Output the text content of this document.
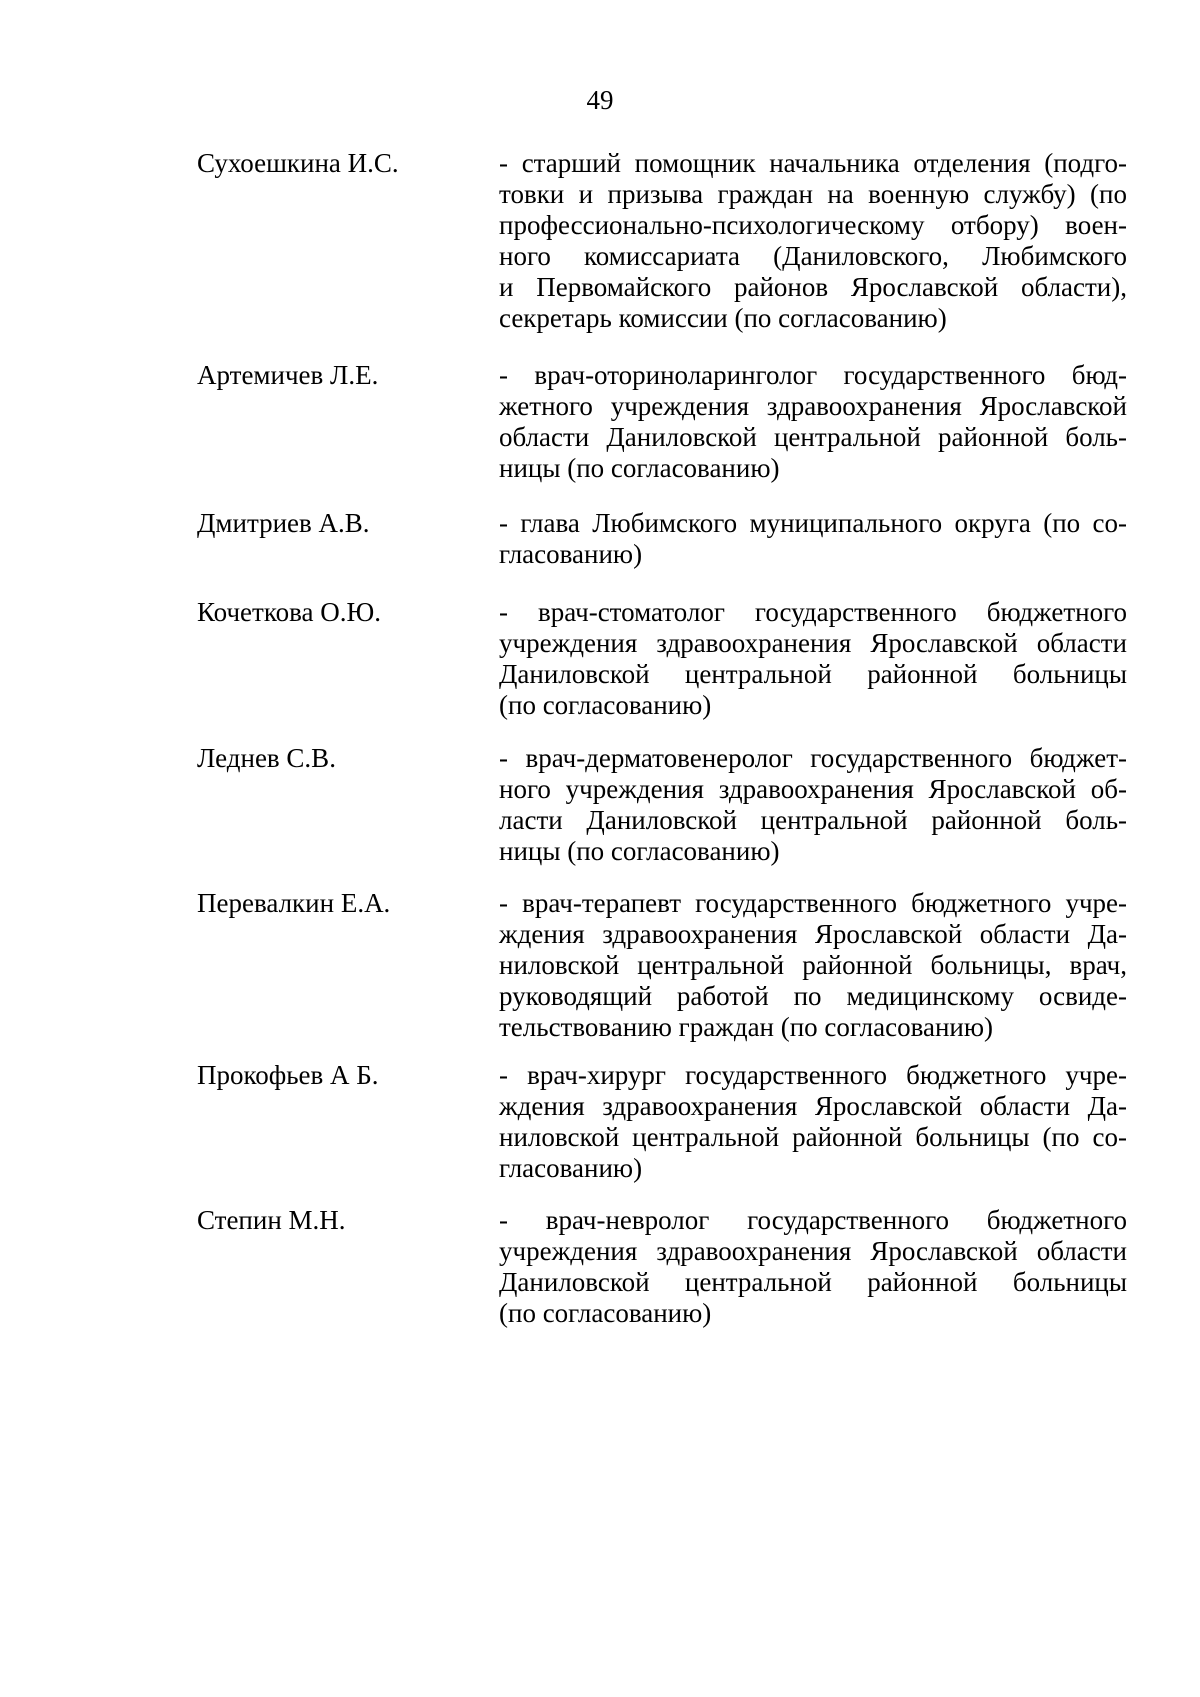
49
Сухоешкина И.С.	- старший помощник начальника отделения (подго-
товки и призыва граждан на военную службу) (по
профессионально-психологическому отбору) воен-
ного комиссариата (Даниловского, Любимского
и Первомайского районов Ярославской области),
секретарь комиссии (по согласованию)
Артемичев Л.Е.	- врач-оториноларинголог государственного бюд-
жетного учреждения здравоохранения Ярославской
области Даниловской центральной районной боль-
ницы (по согласованию)
Дмитриев А.В.	- глава Любимского муниципального округа (по со-
гласованию)
Кочеткова О.Ю.	- врач-стоматолог государственного бюджетного
учреждения здравоохранения Ярославской области
Даниловской центральной районной больницы
(по согласованию)
Леднев С.В.	- врач-дерматовенеролог государственного бюджет-
ного учреждения здравоохранения Ярославской об-
ласти Даниловской центральной районной боль-
ницы (по согласованию)
Перевалкин Е.А.	- врач-терапевт государственного бюджетного учре-
ждения здравоохранения Ярославской области Да-
ниловской центральной районной больницы, врач,
руководящий работой по медицинскому освиде-
тельствованию граждан (по согласованию)
Прокофьев А Б.	- врач-хирург государственного бюджетного учре-
ждения здравоохранения Ярославской области Да-
ниловской центральной районной больницы (по со-
гласованию)
Степин М.Н.	- врач-невролог государственного бюджетного
учреждения здравоохранения Ярославской области
Даниловской центральной районной больницы
(по согласованию)
